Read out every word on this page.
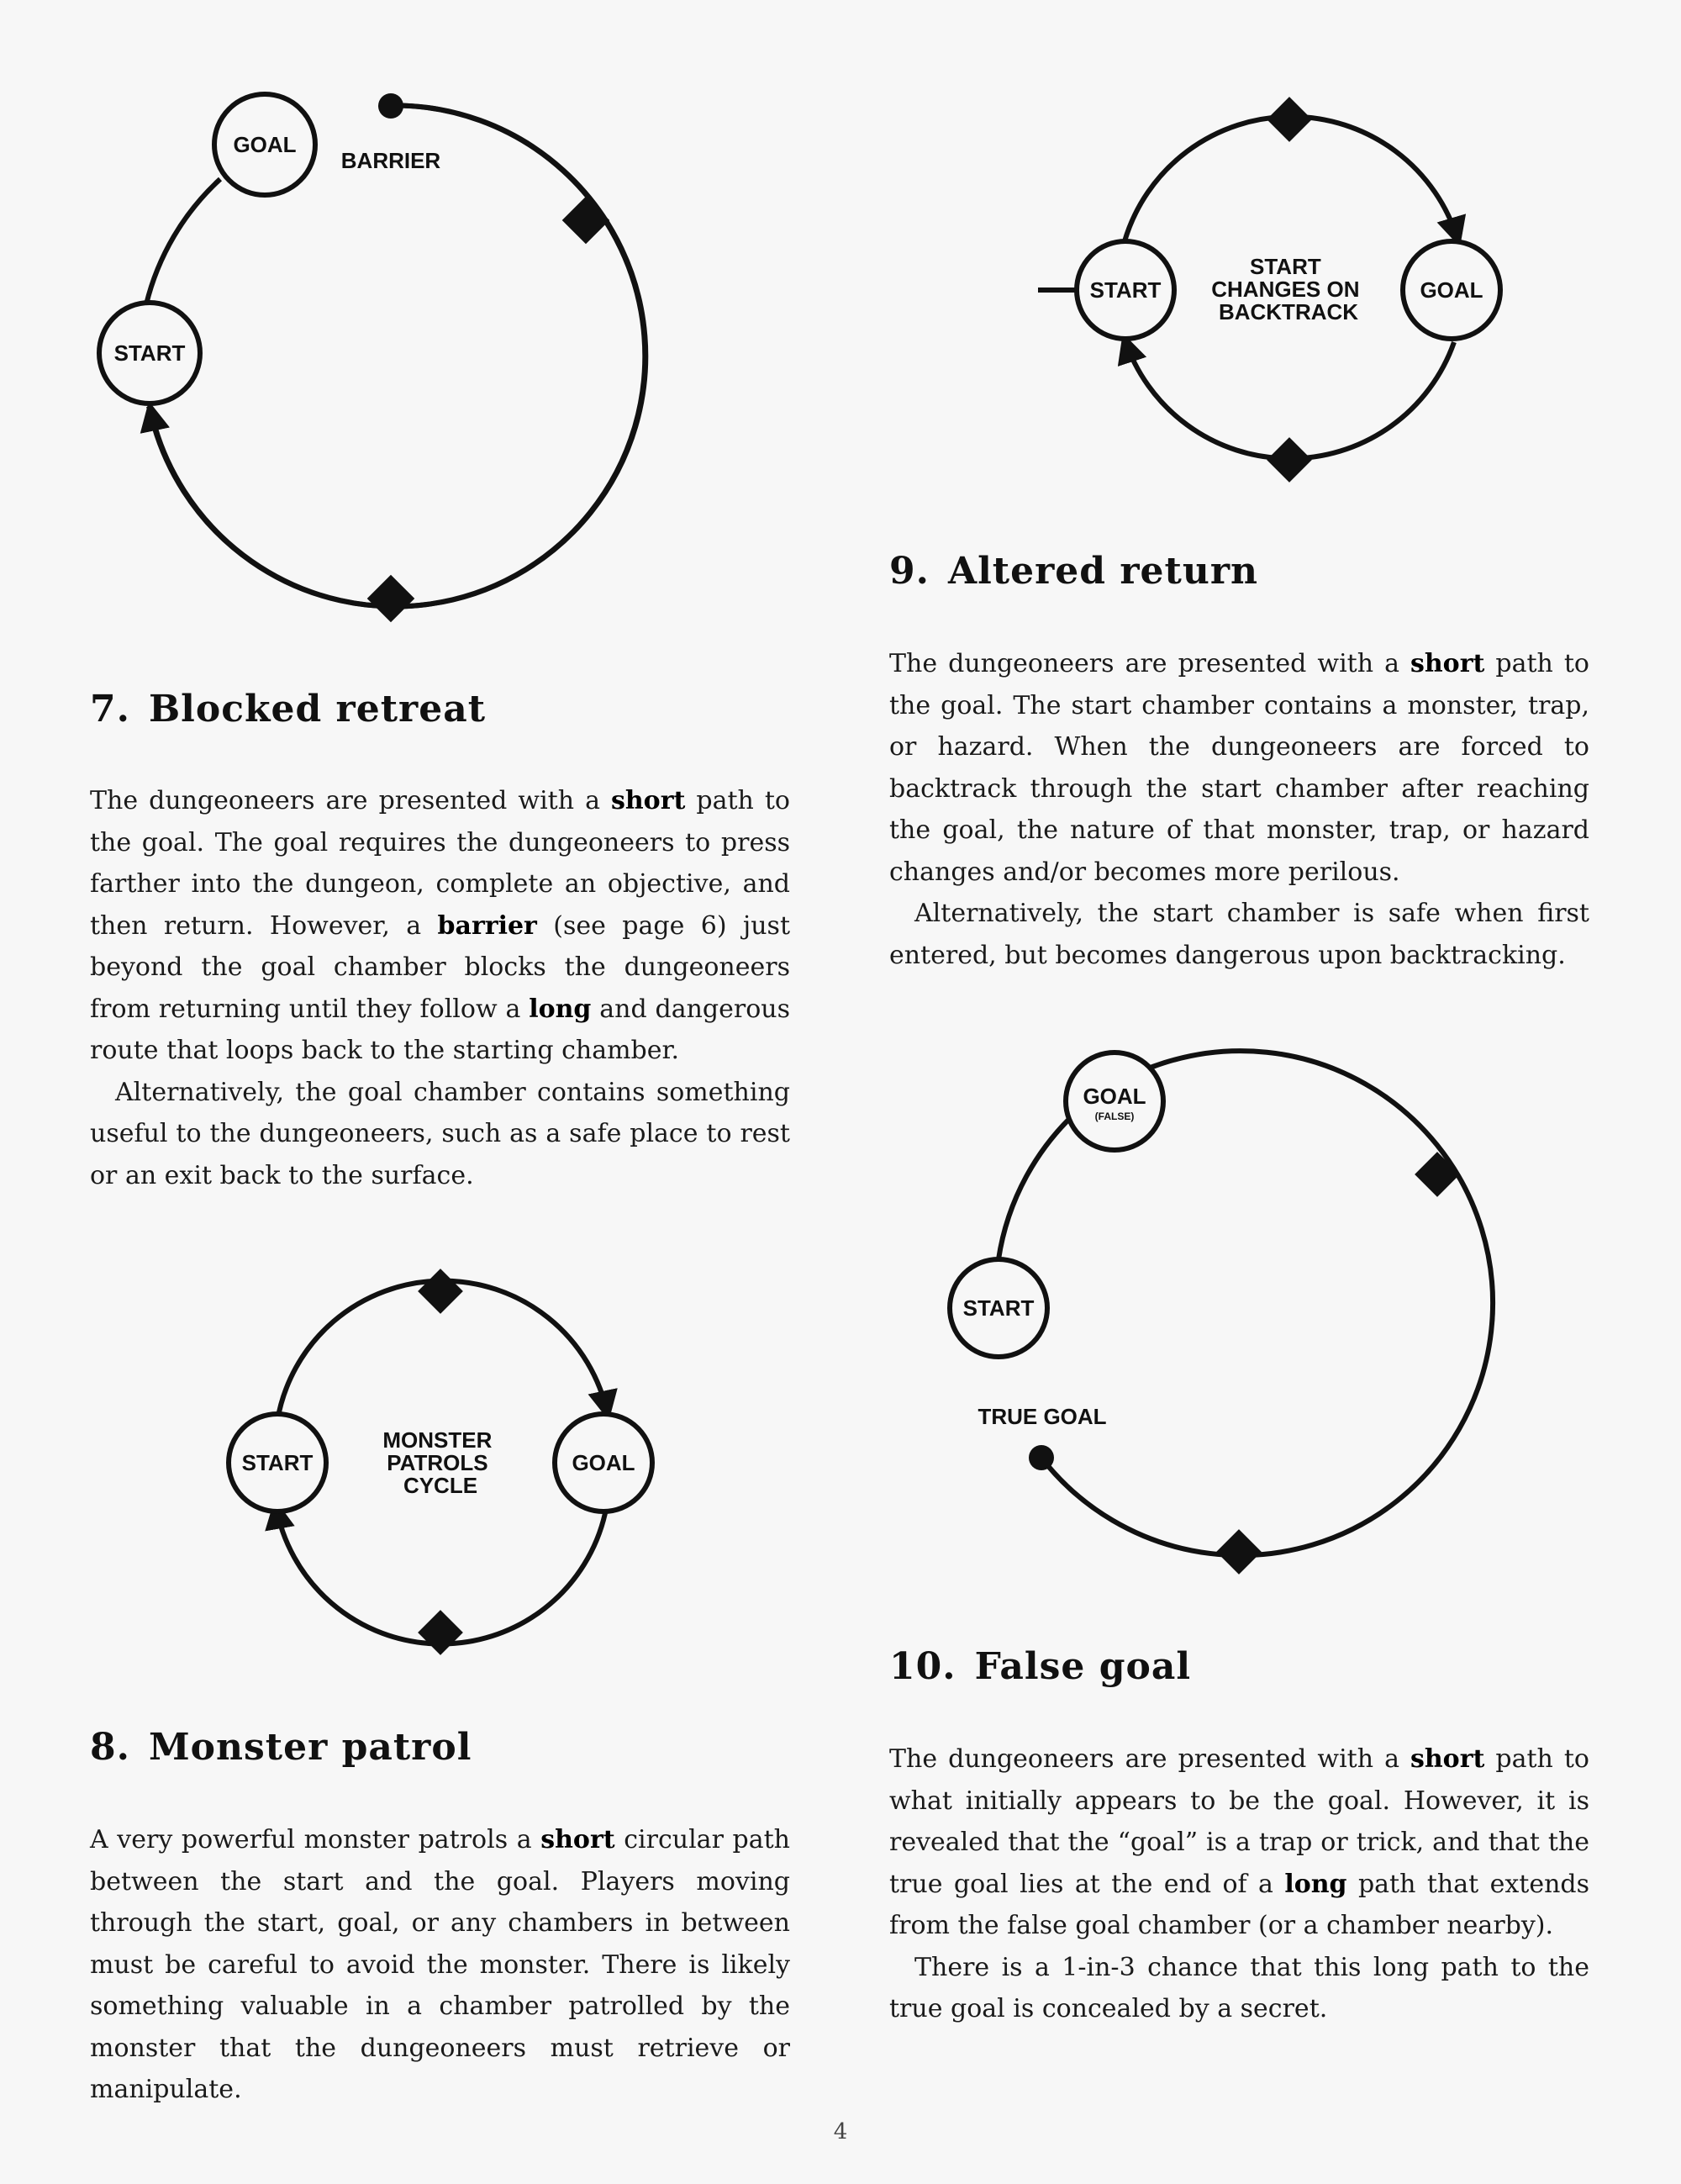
START
GOAL
BARRIER
START	GOAL
START CHANGES ON BACKTRACK
7. Blocked retreat

The dungeoneers are presented with a short path to the goal. The goal requires the dungeoneers to press farther into the dungeon, complete an objective, and then return. However, a barrier (see page 6) just beyond the goal chamber blocks the dungeoneers from returning until they follow a long and dangerous route that loops back to the starting chamber.

Alternatively, the goal chamber contains something useful to the dungeoneers, such as a safe place to rest or an exit back to the surface.

9. Altered return

The dungeoneers are presented with a short path to the goal. The start chamber contains a monster, trap, or hazard. When the dungeoneers are forced to backtrack through the start chamber after reaching the goal, the nature of that monster, trap, or hazard changes and/or becomes more perilous.

Alternatively, the start chamber is safe when first entered, but becomes dangerous upon backtracking.

START	GOAL
MONSTER PATROLS CYCLE
START
GOAL
(FALSE)
TRUE GOAL
8. Monster patrol

A very powerful monster patrols a short circular path between the start and the goal. Players moving through the start, goal, or any chambers in between must be careful to avoid the monster. There is likely something valuable in a chamber patrolled by the monster that the dungeoneers must retrieve or manipulate.

10. False goal

The dungeoneers are presented with a short path to what initially appears to be the goal. However, it is revealed that the “goal” is a trap or trick, and that the true goal lies at the end of a long path that extends from the false goal chamber (or a chamber nearby).

There is a 1-in-3 chance that this long path to the true goal is concealed by a secret.

4
